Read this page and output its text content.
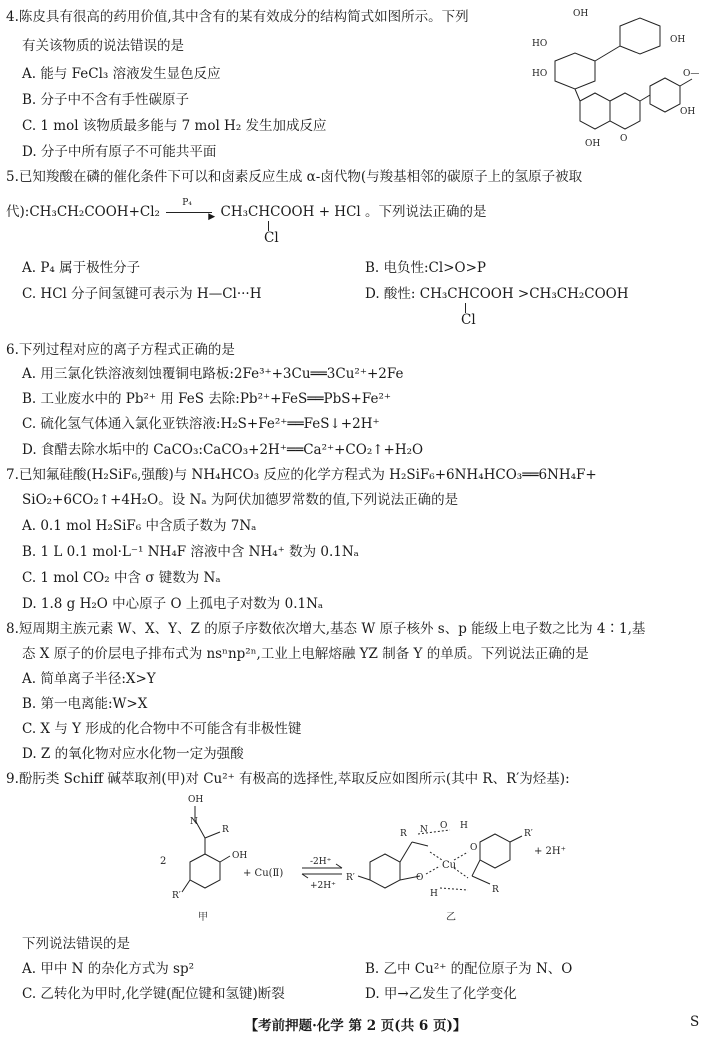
4.陈皮具有很高的药用价值,其中含有的某有效成分的结构简式如图所示。下列
有关该物质的说法错误的是
A. 能与 FeCl₃ 溶液发生显色反应
B. 分子中不含有手性碳原子
C. 1 mol 该物质最多能与 7 mol H₂ 发生加成反应
D. 分子中所有原子不可能共平面
OH
HO
HO
OH
O—
OH
OH O
5.已知羧酸在磷的催化条件下可以和卤素反应生成 α-卤代物(与羧基相邻的碳原子上的氢原子被取
代):CH₃CH₂COOH+Cl₂
P₄
▶ CH₃CHCOOH + HCl 。下列说法正确的是
Cl
A. P₄ 属于极性分子	B. 电负性:Cl>O>P
C. HCl 分子间氢键可表示为 H—Cl···H	D. 酸性: CH₃CHCOOH >CH₃CH₂COOH
Cl
6.下列过程对应的离子方程式正确的是
A. 用三氯化铁溶液刻蚀覆铜电路板:2Fe³⁺+3Cu══3Cu²⁺+2Fe
B. 工业废水中的 Pb²⁺ 用 FeS 去除:Pb²⁺+FeS══PbS+Fe²⁺
C. 硫化氢气体通入氯化亚铁溶液:H₂S+Fe²⁺══FeS↓+2H⁺
D. 食醋去除水垢中的 CaCO₃:CaCO₃+2H⁺══Ca²⁺+CO₂↑+H₂O
7.已知氟硅酸(H₂SiF₆,强酸)与 NH₄HCO₃ 反应的化学方程式为 H₂SiF₆+6NH₄HCO₃══6NH₄F+
SiO₂+6CO₂↑+4H₂O。设 Nₐ 为阿伏加德罗常数的值,下列说法正确的是
A. 0.1 mol H₂SiF₆ 中含质子数为 7Nₐ
B. 1 L 0.1 mol·L⁻¹ NH₄F 溶液中含 NH₄⁺ 数为 0.1Nₐ
C. 1 mol CO₂ 中含 σ 键数为 Nₐ
D. 1.8 g H₂O 中心原子 O 上孤电子对数为 0.1Nₐ
8.短周期主族元素 W、X、Y、Z 的原子序数依次增大,基态 W 原子核外 s、p 能级上电子数之比为 4∶1,基
态 X 原子的价层电子排布式为 nsⁿnp²ⁿ,工业上电解熔融 YZ 制备 Y 的单质。下列说法正确的是
A. 简单离子半径:X>Y
B. 第一电离能:W>X
C. X 与 Y 形成的化合物中不可能含有非极性键
D. Z 的氧化物对应水化物一定为强酸
9.酚肟类 Schiff 碱萃取剂(甲)对 Cu²⁺ 有极高的选择性,萃取反应如图所示(其中 R、R′为烃基):
OH
N
R
OH
R′
2
+ Cu(Ⅱ)
-2H⁺
+2H⁺
R N O H
Cu
O
O
R′
R′
H	R
+ 2H⁺
甲	乙
下列说法错误的是
A. 甲中 N 的杂化方式为 sp²	B. 乙中 Cu²⁺ 的配位原子为 N、O
C. 乙转化为甲时,化学键(配位键和氢键)断裂	D. 甲→乙发生了化学变化
【考前押题·化学 第 2 页(共 6 页)】	S
